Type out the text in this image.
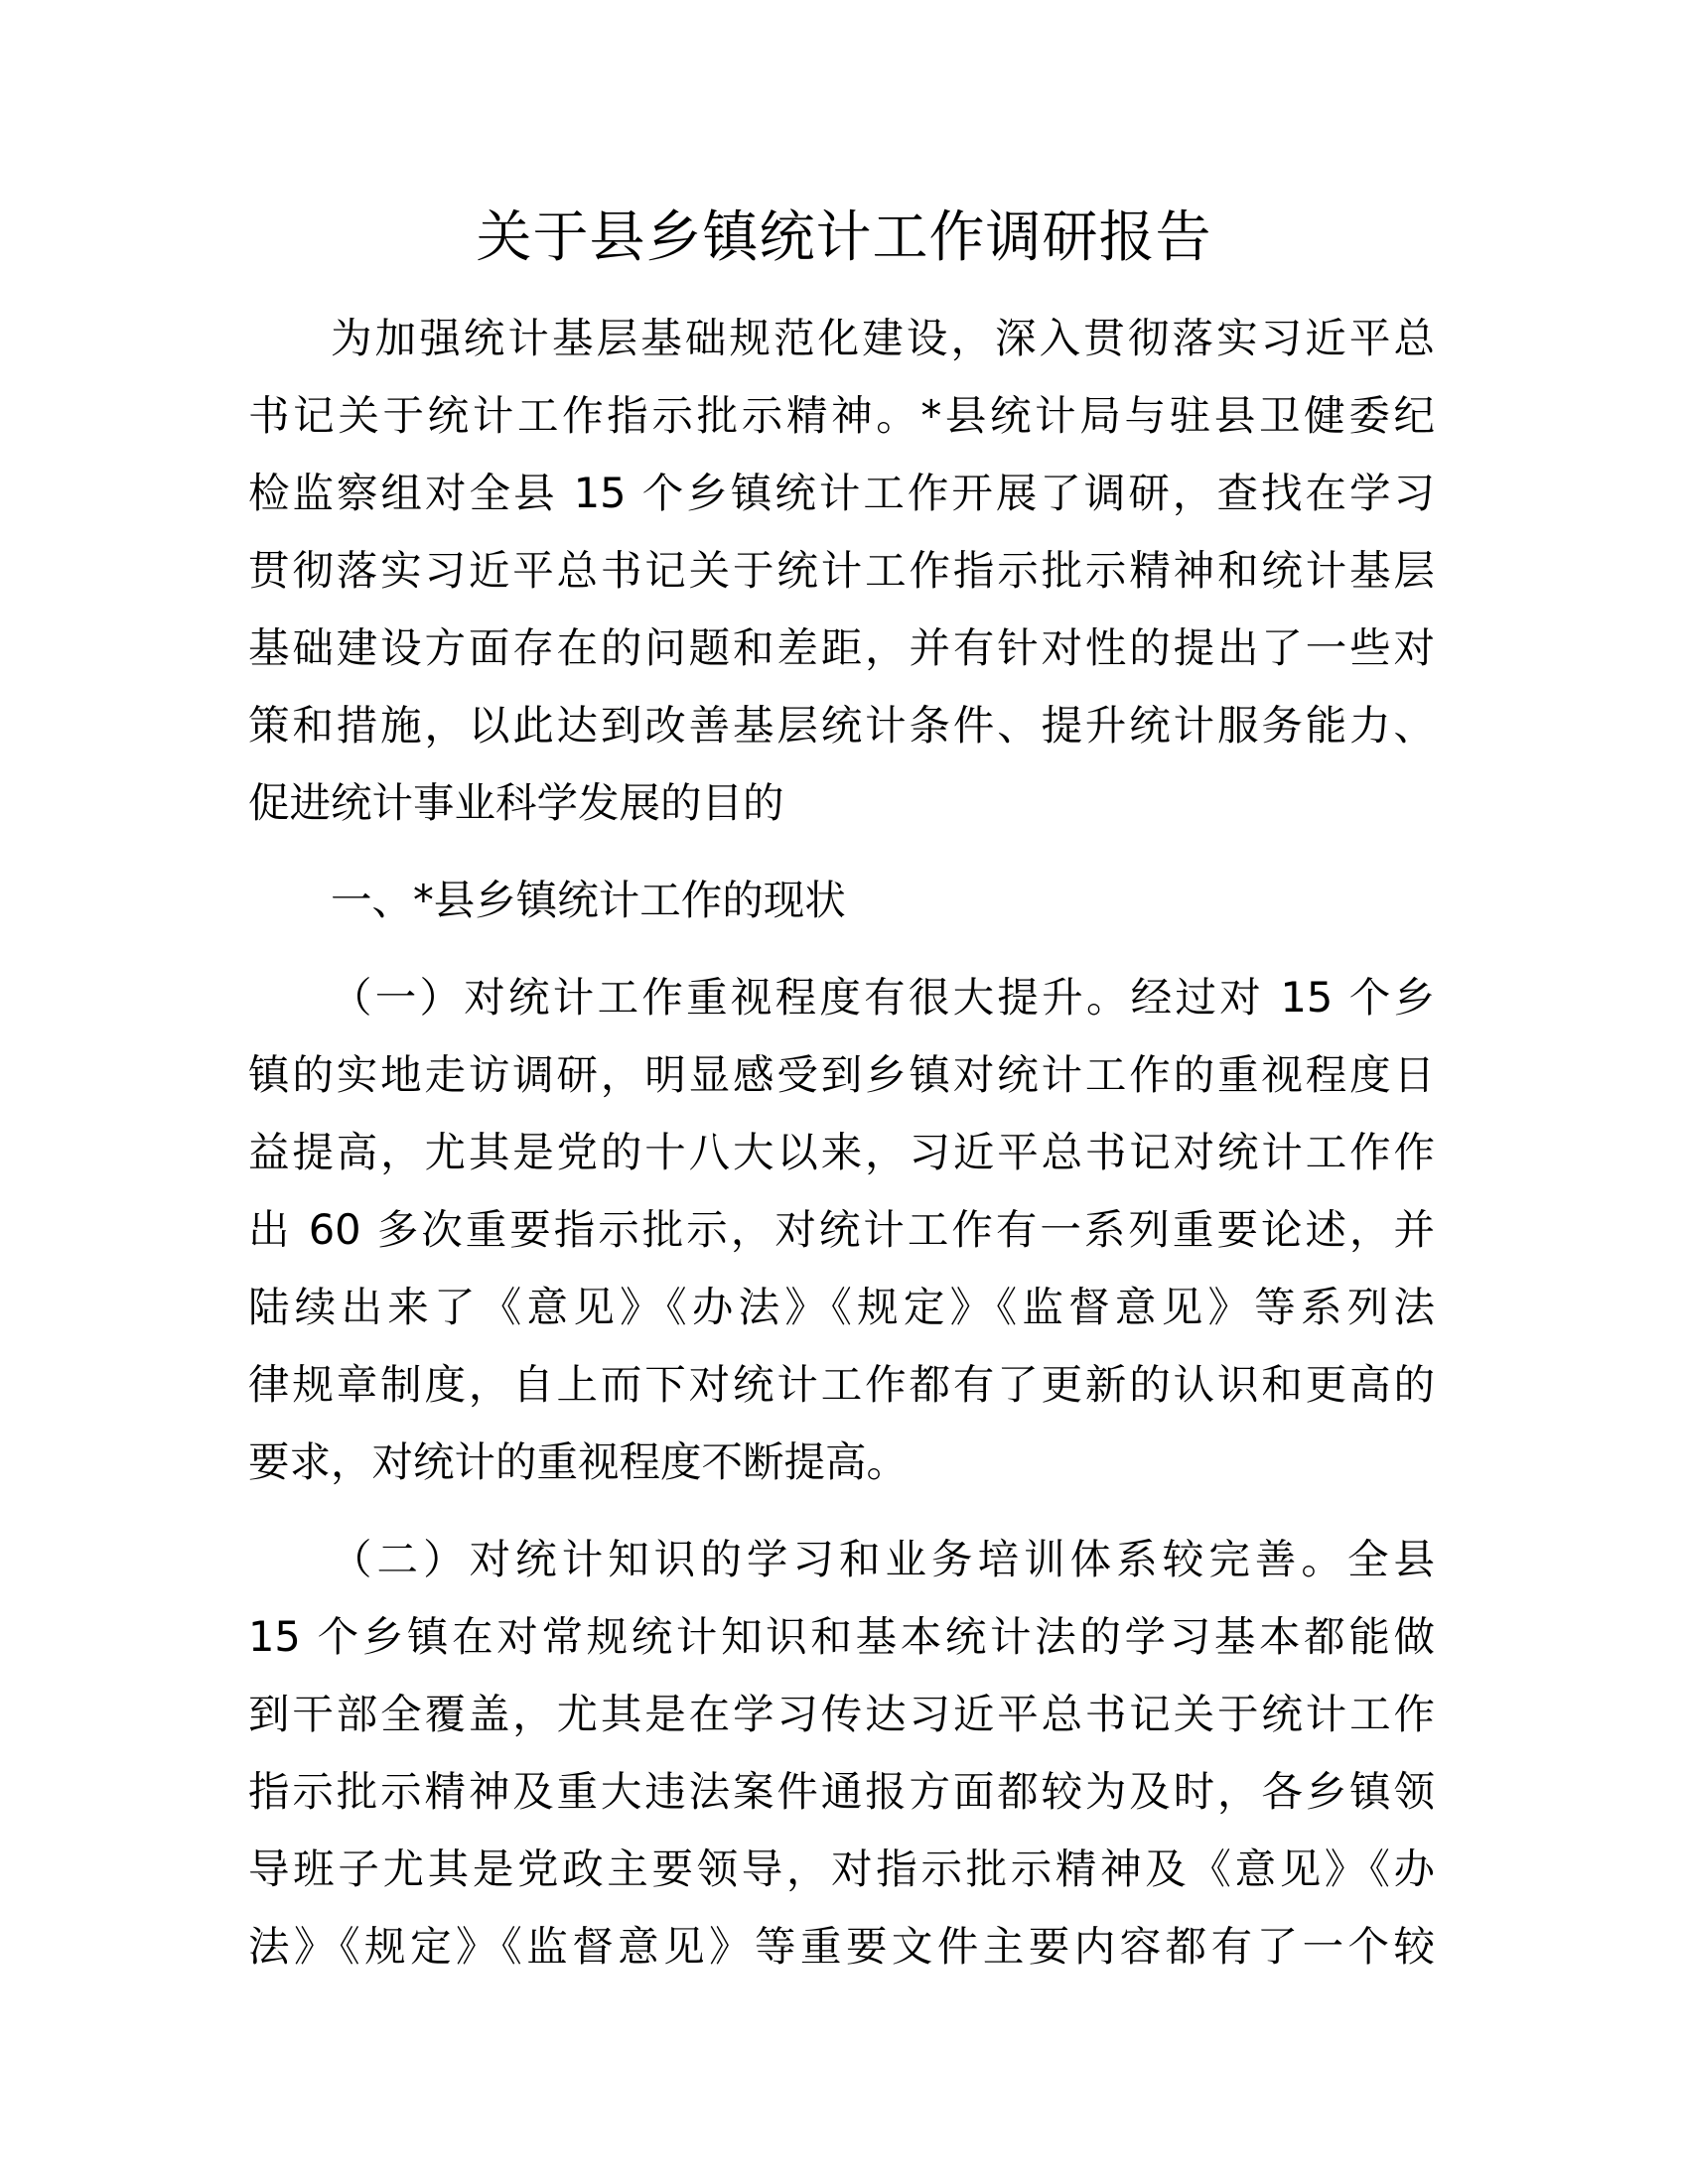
关于县乡镇统计工作调研报告

为加强统计基层基础规范化建设，深入贯彻落实习近平总
书记关于统计工作指示批示精神。*县统计局与驻县卫健委纪
检监察组对全县 15 个乡镇统计工作开展了调研，查找在学习
贯彻落实习近平总书记关于统计工作指示批示精神和统计基层
基础建设方面存在的问题和差距，并有针对性的提出了一些对
策和措施，以此达到改善基层统计条件、提升统计服务能力、
促进统计事业科学发展的目的

一、*县乡镇统计工作的现状

（一）对统计工作重视程度有很大提升。经过对 15 个乡
镇的实地走访调研，明显感受到乡镇对统计工作的重视程度日
益提高，尤其是党的十八大以来，习近平总书记对统计工作作
出 60 多次重要指示批示，对统计工作有一系列重要论述，并
陆续出来了《意见》《办法》《规定》《监督意见》等系列法
律规章制度，自上而下对统计工作都有了更新的认识和更高的
要求，对统计的重视程度不断提高。

（二）对统计知识的学习和业务培训体系较完善。全县
15 个乡镇在对常规统计知识和基本统计法的学习基本都能做
到干部全覆盖，尤其是在学习传达习近平总书记关于统计工作
指示批示精神及重大违法案件通报方面都较为及时，各乡镇领
导班子尤其是党政主要领导，对指示批示精神及《意见》《办
法》《规定》《监督意见》等重要文件主要内容都有了一个较
